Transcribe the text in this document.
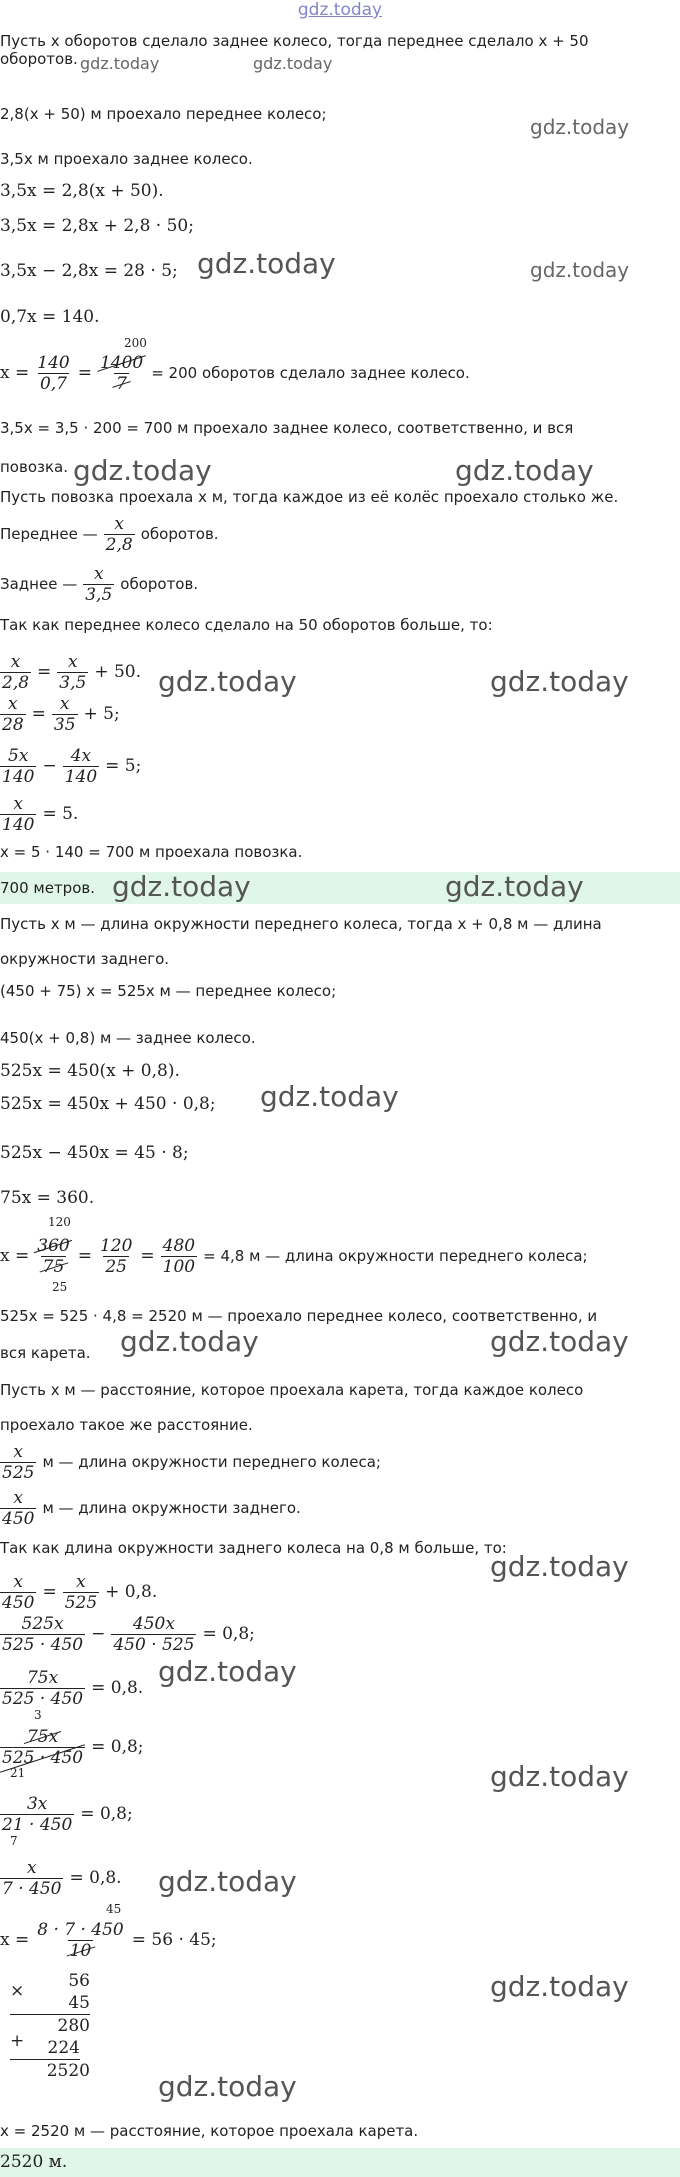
gdz.today
Пусть x оборотов сделало заднее колесо, тогда переднее сделало x + 50
оборотов. gdz.today	gdz.today
2,8(x + 50) м проехало переднее колесо;
gdz.today
3,5x м проехало заднее колесо.
3,5x = 2,8(x + 50).
3,5x = 2,8x + 2,8 · 50;
3,5x − 2,8x = 28 · 5; gdz.today	gdz.today
0,7x = 140.
$x = \frac{140}{0,7} = \frac{1400}{7} = 200$ оборотов сделало заднее колесо.
200
3,5x = 3,5 · 200 = 700 м проехало заднее колесо, соответственно, и вся
повозка. gdz.today	gdz.today
Пусть повозка проехала x м, тогда каждое из её колёс проехало столько же.
Переднее — $\frac{x}{2,8}$ оборотов.
Заднее — $\frac{x}{3,5}$ оборотов.
Так как переднее колесо сделало на 50 оборотов больше, то:
$\frac{x}{2,8} = \frac{x}{3,5} + 50$. gdz.today	gdz.today
$\frac{x}{28} = \frac{x}{35} + 5$;
$\frac{5x}{140} - \frac{4x}{140} = 5$;
$\frac{x}{140} = 5$.
x = 5 · 140 = 700 м проехала повозка.
700 метров. gdz.today	gdz.today
Пусть x м — длина окружности переднего колеса, тогда x + 0,8 м — длина
окружности заднего.
(450 + 75) x = 525x м — переднее колесо;
450(x + 0,8) м — заднее колесо.
525x = 450(x + 0,8).
525x = 450x + 450 · 0,8;	gdz.today
525x − 450x = 45 · 8;
75x = 360.
$x = \frac{360}{75} = \frac{120}{25} = \frac{480}{100} = 4,8$ м — длина окружности переднего колеса;
120
25
525x = 525 · 4,8 = 2520 м — проехало переднее колесо, соответственно, и
вся карета.	gdz.today	gdz.today
Пусть x м — расстояние, которое проехала карета, тогда каждое колесо
проехало такое же расстояние.
$\frac{x}{525}$ м — длина окружности переднего колеса;
$\frac{x}{450}$ м — длина окружности заднего.
Так как длина окружности заднего колеса на 0,8 м больше, то:
gdz.today
$\frac{x}{450} = \frac{x}{525} + 0,8$.
$\frac{525x}{525 \cdot 450} - \frac{450x}{450 \cdot 525} = 0,8$;
$\frac{75x}{525 \cdot 450} = 0,8$. gdz.today
$\frac{75x}{525 \cdot 450} = 0,8$;
3
21	gdz.today
$\frac{3x}{21 \cdot 450} = 0,8$;
7
$\frac{x}{7 \cdot 450} = 0,8$. gdz.today
$x = \frac{8 \cdot 7 \cdot 450}{10} = 56 \cdot 45$;
45
×
+
56
45
280
224
2520
gdz.today
gdz.today
x = 2520 м — расстояние, которое проехала карета.
2520 м.
